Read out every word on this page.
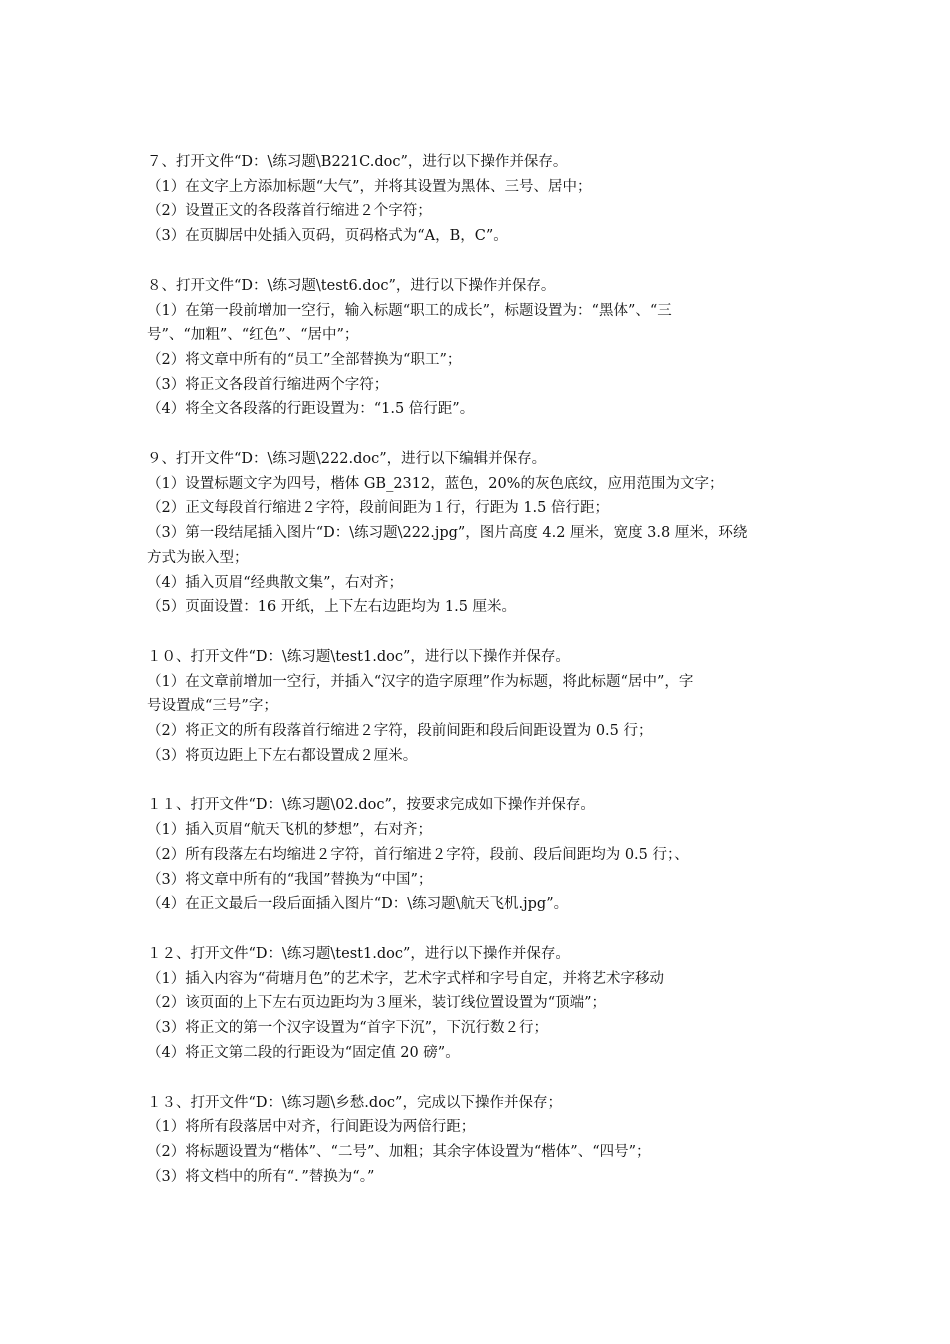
７、打开文件“D：\练习题\B221C.doc”，进行以下操作并保存。
（1）在文字上方添加标题“大气”，并将其设置为黑体、三号、居中；
（2）设置正文的各段落首行缩进２个字符；
（3）在页脚居中处插入页码，页码格式为“A，B，C”。
８、打开文件“D：\练习题\test6.doc”，进行以下操作并保存。
（1）在第一段前增加一空行，输入标题“职工的成长”，标题设置为：“黑体”、“三
号”、“加粗”、“红色”、“居中”；
（2）将文章中所有的“员工”全部替换为“职工”；
（3）将正文各段首行缩进两个字符；
（4）将全文各段落的行距设置为：“1.5 倍行距”。
９、打开文件“D：\练习题\222.doc”，进行以下编辑并保存。
（1）设置标题文字为四号，楷体 GB_2312，蓝色，20%的灰色底纹，应用范围为文字；
（2）正文每段首行缩进２字符，段前间距为１行，行距为 1.5 倍行距；
（3）第一段结尾插入图片“D：\练习题\222.jpg”，图片高度 4.2 厘米，宽度 3.8 厘米，环绕
方式为嵌入型；
（4）插入页眉“经典散文集”，右对齐；
（5）页面设置：16 开纸，上下左右边距均为 1.5 厘米。
１０、打开文件“D：\练习题\test1.doc”，进行以下操作并保存。
（1）在文章前增加一空行，并插入“汉字的造字原理”作为标题，将此标题“居中”，字
号设置成“三号”字；
（2）将正文的所有段落首行缩进２字符，段前间距和段后间距设置为 0.5 行；
（3）将页边距上下左右都设置成２厘米。
１１、打开文件“D：\练习题\02.doc”，按要求完成如下操作并保存。
（1）插入页眉“航天飞机的梦想”，右对齐；
（2）所有段落左右均缩进２字符，首行缩进２字符，段前、段后间距均为 0.5 行；、
（3）将文章中所有的“我国”替换为“中国”；
（4）在正文最后一段后面插入图片“D：\练习题\航天飞机.jpg”。
１２、打开文件“D：\练习题\test1.doc”，进行以下操作并保存。
（1）插入内容为“荷塘月色”的艺术字，艺术字式样和字号自定，并将艺术字移动
（2）该页面的上下左右页边距均为３厘米，装订线位置设置为“顶端”；
（3）将正文的第一个汉字设置为“首字下沉”，下沉行数２行；
（4）将正文第二段的行距设为“固定值 20 磅”。
１３、打开文件“D：\练习题\乡愁.doc”，完成以下操作并保存；
（1）将所有段落居中对齐，行间距设为两倍行距；
（2）将标题设置为“楷体”、“二号”、加粗；其余字体设置为“楷体”、“四号”；
（3）将文档中的所有“．”替换为“。”
